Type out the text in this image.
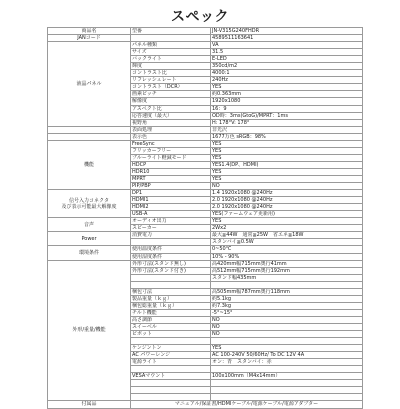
スペック
商品名	型番	JN-V315G240FHDR
JANコード		4589511163641
液晶パネル	パネル種類	VA
	サイズ	31.5
	バックライト	E-LED
	輝度	350cd/m2
	コントラスト比	4000:1
	リフレッシュレート	240Hz
	コントラスト（DCR）	YES
	画素ピッチ	約0.363mm
	解像度	1920x1080
	アスペクト比	16：9
	応答速度（最大）	OD時：3ms(GtoG)/MPRT：1ms
	視野角	H: 178°V: 178°
	表面処理	非光沢
	表示色	1677万色 sRGB：98%
機能	FreeSync	YES
	フリッカーフリー	YES
	ブルーライト軽減モード	YES
	HDCP	YES1.4(DP、HDMI)
	HDR10	YES
	MPRT	YES
	PIP/PBP	NO
信号入力コネクタ
及び表示可能最大解像度	DP1	1.4 1920x1080 @240Hz
	HDMI1	2.0 1920x1080 @240Hz
	HDMI2	2.0 1920x1080 @240Hz
	USB-A	YES(ファームウェア更新用)
音声	オーディオ出力	YES
	スピーカー	2Wx2
Power	消費電力	最大≦44W　通常≦25W　省エネ≦18W
		スタンバイ≦0.5W
環境条件	使用温度条件	0~50℃
	使用湿度条件	10% - 90%
外形/重量/機能	外形寸法(スタンド無し)	高420mm幅715mm奥行41mm
	外形寸法(スタンド付き)	高512mm幅715mm奥行192mm
		スタンド幅435mm

	梱包寸法	高505mm幅787mm奥行118mm
	製品重量（ｋｇ）	約5.1kg
	梱包総重量（ｋｇ）	約7.3kg
	チルト機能	-5°~15°
	高さ調節	NO
	スイーベル	NO
	ピボット	NO

	ケンジントン	YES
	AC パワーレンジ	AC 100-240V 50/60Hz/ To DC 12V 4A
	電源ライト	オン：青　スタンバイ：赤

	VESAマウント	100x100mm（M4x14mm）

付属品	マニュアル/保証書/HDMIケーブル/電源ケーブル/電源アダプター	
